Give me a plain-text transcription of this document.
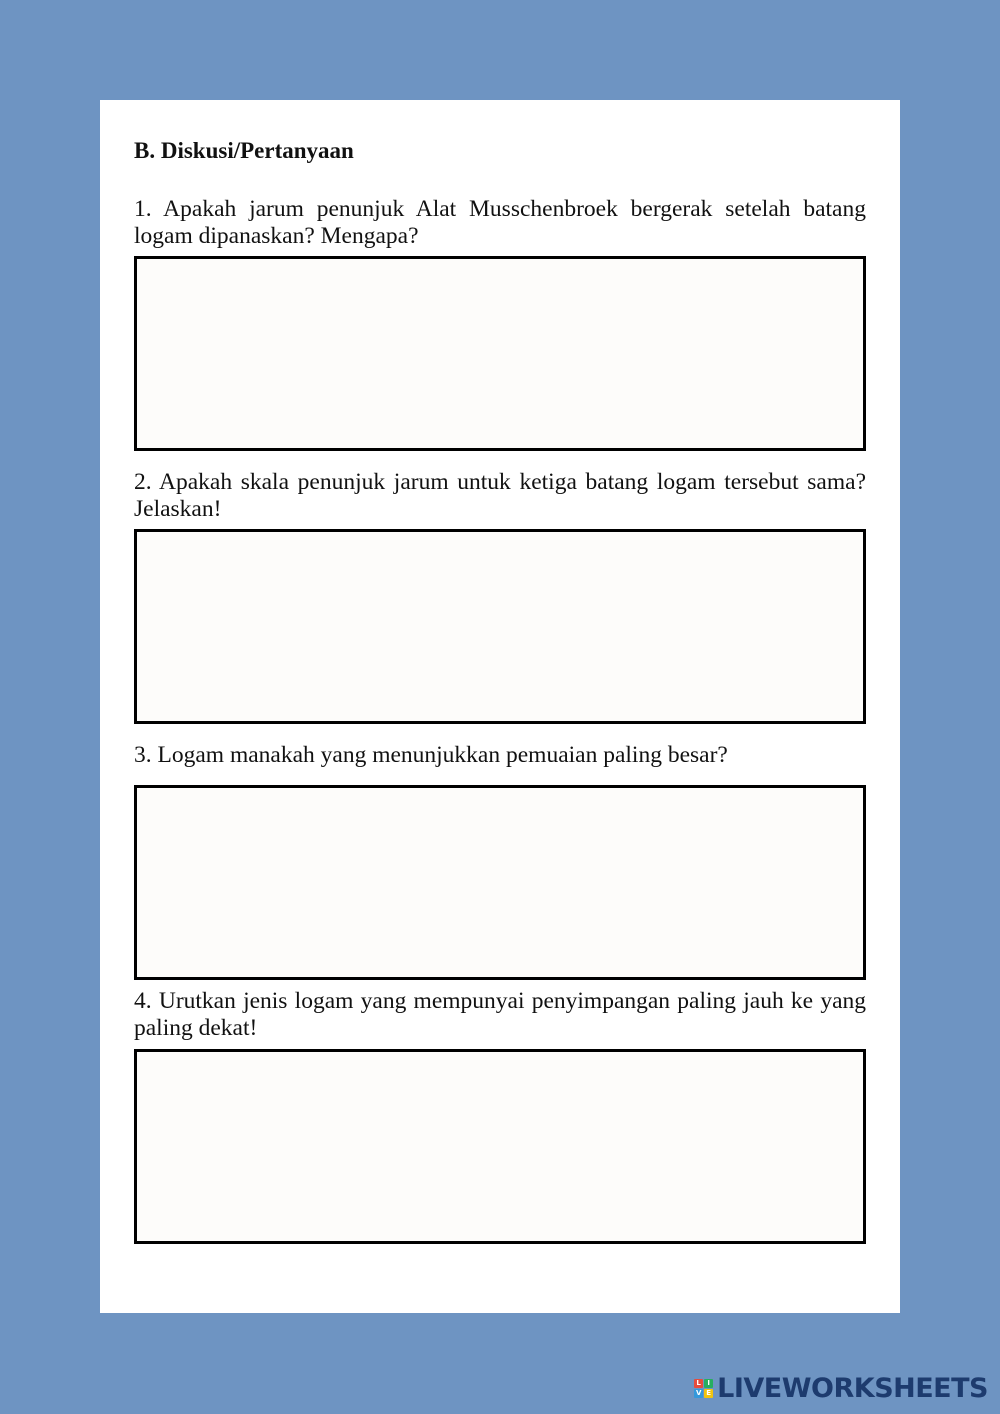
B. Diskusi/Pertanyaan

1. Apakah jarum penunjuk Alat Musschenbroek bergerak setelah batang logam dipanaskan? Mengapa?

2. Apakah skala penunjuk jarum untuk ketiga batang logam tersebut sama? Jelaskan!

3. Logam manakah yang menunjukkan pemuaian paling besar?

4. Urutkan jenis logam yang mempunyai penyimpangan paling jauh ke yang paling dekat!

L I
V E LIVEWORKSHEETS
